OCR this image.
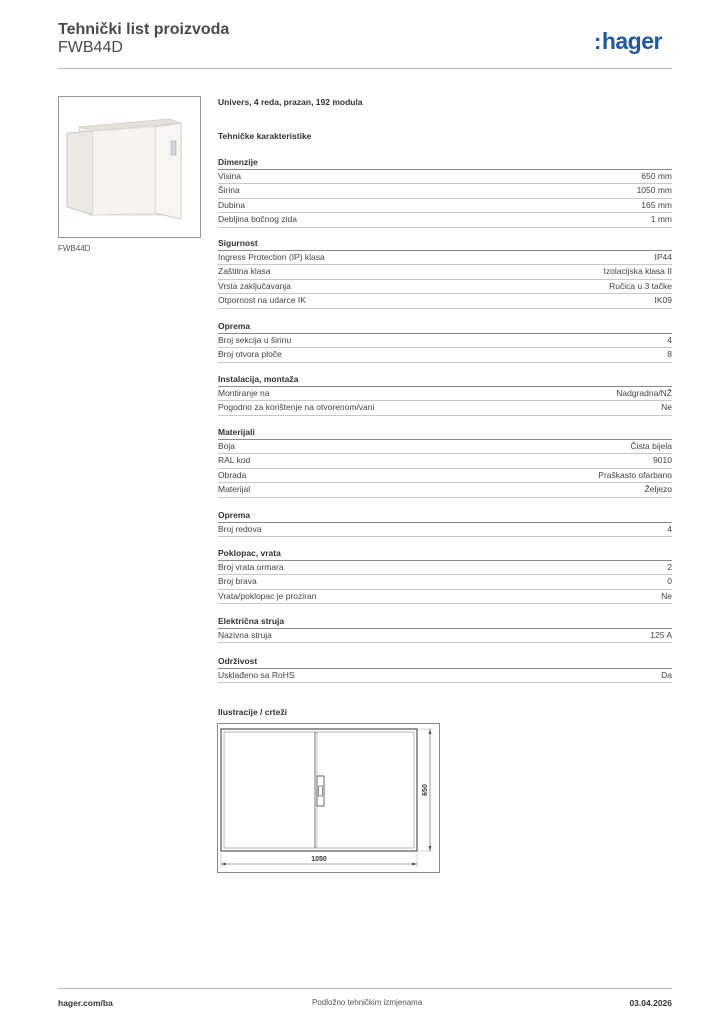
Tehnički list proizvoda
FWB44D	:hager
FWB44D
Univers, 4 reda, prazan, 192 modula
Tehničke karakteristike
Dimenzije
Visina	650 mm
Širina	1050 mm
Dubina	165 mm
Debljina bočnog zida	1 mm
Sigurnost
Ingress Protection (IP) klasa	IP44
Zaštitna klasa	Izolacijska klasa II
Vrsta zaključavanja	Ručica u 3 tačke
Otpornost na udarce IK	IK09
Oprema
Broj sekcija u širinu	4
Broj otvora ploče	8
Instalacija, montaža
Montiranje na	Nadgradna/NŽ
Pogodno za korištenje na otvorenom/vani	Ne
Materijali
Boja	Čista bijela
RAL kod	9010
Obrada	Praškasto ofarbano
Materijal	Željezo
Oprema
Broj redova	4
Poklopac, vrata
Broj vrata ormara	2
Broj brava	0
Vrata/poklopac je proziran	Ne
Električna struja
Nazivna struja	125 A
Održivost
Usklađeno sa RoHS	Da
Ilustracije / crteži
1050
650
hager.com/ba	Podložno tehničkim izmjenama	03.04.2026
